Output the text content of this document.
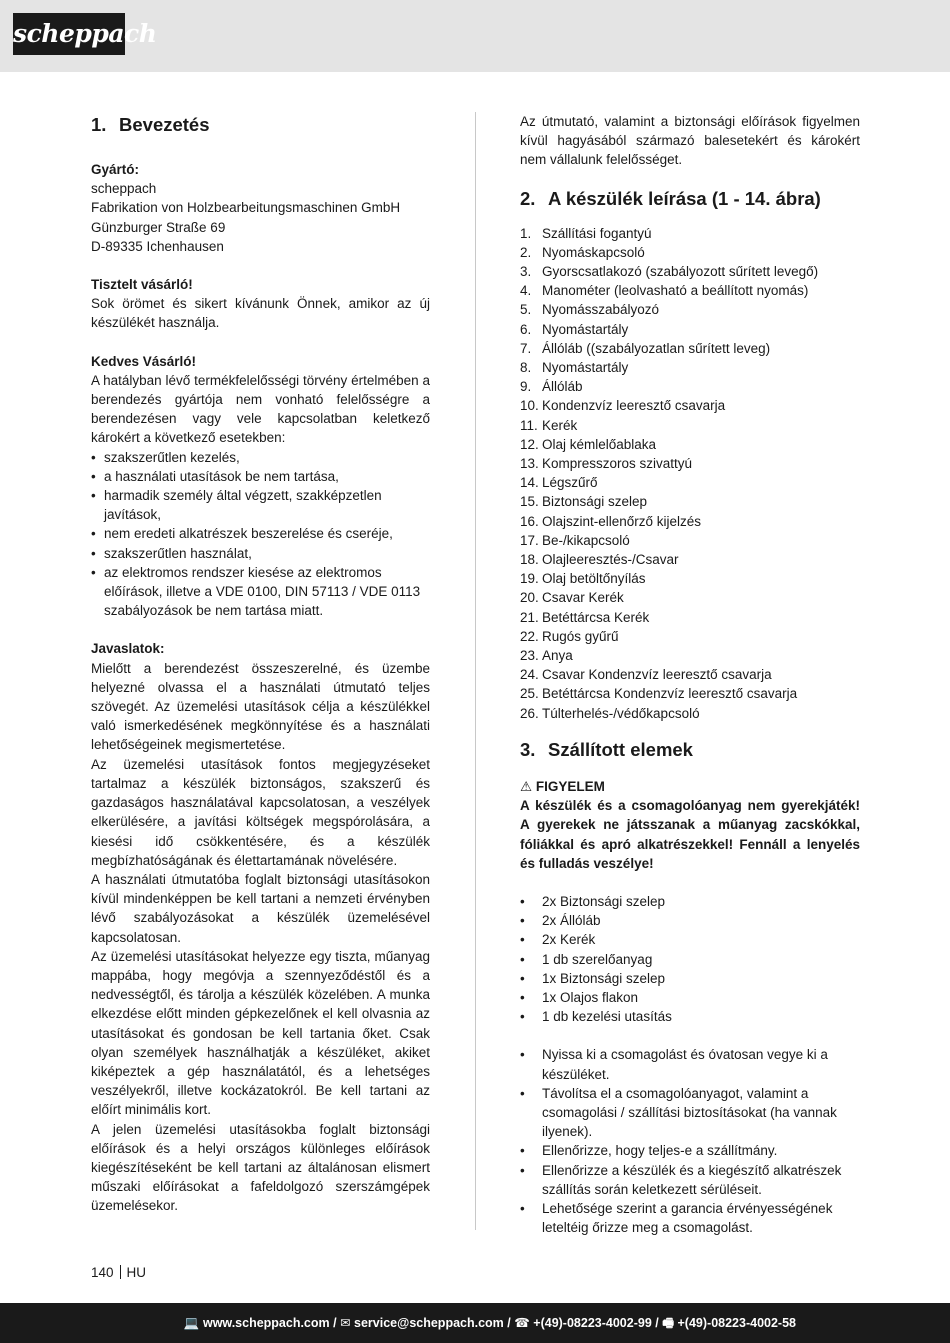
scheppach
1. Bevezetés

Gyártó:

scheppach

Fabrikation von Holzbearbeitungsmaschinen GmbH

Günzburger Straße 69

D-89335 Ichenhausen

Tisztelt vásárló!

Sok örömet és sikert kívánunk Önnek, amikor az új készülékét használja.

Kedves Vásárló!

A hatályban lévő termékfelelősségi törvény értelmében a berendezés gyártója nem vonható felelősségre a berendezésen vagy vele kapcsolatban keletkező károkért a következő esetekben:

• szakszerűtlen kezelés,
• a használati utasítások be nem tartása,
• harmadik személy által végzett, szakképzetlen javítások,
• nem eredeti alkatrészek beszerelése és cseréje,
• szakszerűtlen használat,
• az elektromos rendszer kiesése az elektromos előírások, illetve a VDE 0100, DIN 57113 / VDE 0113 szabályozások be nem tartása miatt.

Javaslatok:

Mielőtt a berendezést összeszerelné, és üzembe helyezné olvassa el a használati útmutató teljes szövegét. Az üzemelési utasítások célja a készülékkel való ismerkedésének megkönnyítése és a használati lehetőségeinek megismertetése.

Az üzemelési utasítások fontos megjegyzéseket tartalmaz a készülék biztonságos, szakszerű és gazdaságos használatával kapcsolatosan, a veszélyek elkerülésére, a javítási költségek megspórolására, a kiesési idő csökkentésére, és a készülék megbízhatóságának és élettartamának növelésére.

A használati útmutatóba foglalt biztonsági utasításokon kívül mindenképpen be kell tartani a nemzeti érvényben lévő szabályozásokat a készülék üzemelésével kapcsolatosan.

Az üzemelési utasításokat helyezze egy tiszta, műanyag mappába, hogy megóvja a szennyeződéstől és a nedvességtől, és tárolja a készülék közelében. A munka elkezdése előtt minden gépkezelőnek el kell olvasnia az utasításokat és gondosan be kell tartania őket. Csak olyan személyek használhatják a készüléket, akiket kiképeztek a gép használatától, és a lehetséges veszélyekről, illetve kockázatokról. Be kell tartani az előírt minimális kort.

A jelen üzemelési utasításokba foglalt biztonsági előírások és a helyi országos különleges előírások kiegészítéseként be kell tartani az általánosan elismert műszaki előírásokat a fafeldolgozó szerszámgépek üzemelésekor.

Az útmutató, valamint a biztonsági előírások figyelmen kívül hagyásából származó balesetekért és károkért nem vállalunk felelősséget.

2. A készülék leírása (1 - 14. ábra)
1. Szállítási fogantyú
2. Nyomáskapcsoló
3. Gyorscsatlakozó (szabályozott sűrített levegő)
4. Manométer (leolvasható a beállított nyomás)
5. Nyomásszabályozó
6. Nyomástartály
7. Állóláb ((szabályozatlan sűrített leveg)
8. Nyomástartály
9. Állóláb
10. Kondenzvíz leeresztő csavarja
11. Kerék
12. Olaj kémlelőablaka
13. Kompresszoros szivattyú
14. Légszűrő
15. Biztonsági szelep
16. Olajszint-ellenőrző kijelzés
17. Be-/kikapcsoló
18. Olajleeresztés-/Csavar
19. Olaj betöltőnyílás
20. Csavar Kerék
21. Betéttárcsa Kerék
22. Rugós gyűrű
23. Anya
24. Csavar Kondenzvíz leeresztő csavarja
25. Betéttárcsa Kondenzvíz leeresztő csavarja
26. Túlterhelés-/védőkapcsoló
3. Szállított elemek

⚠ FIGYELEM

A készülék és a csomagolóanyag nem gyerekjáték! A gyerekek ne játsszanak a műanyag zacskókkal, fóliákkal és apró alkatrészekkel! Fennáll a lenyelés és fulladás veszélye!

• 2x Biztonsági szelep
• 2x Állóláb
• 2x Kerék
• 1 db szerelőanyag
• 1x Biztonsági szelep
• 1x Olajos flakon
• 1 db kezelési utasítás
• Nyissa ki a csomagolást és óvatosan vegye ki a készüléket.
• Távolítsa el a csomagolóanyagot, valamint a csomagolási / szállítási biztosításokat (ha vannak ilyenek).
• Ellenőrizze, hogy teljes-e a szállítmány.
• Ellenőrizze a készülék és a kiegészítő alkatrészek szállítás során keletkezett sérüléseit.
• Lehetősége szerint a garancia érvényességének leteltéig őrizze meg a csomagolást.
140 HU
💻 www.scheppach.com / ✉ service@scheppach.com / ☎ +(49)-08223-4002-99 / 🖷 +(49)-08223-4002-58
